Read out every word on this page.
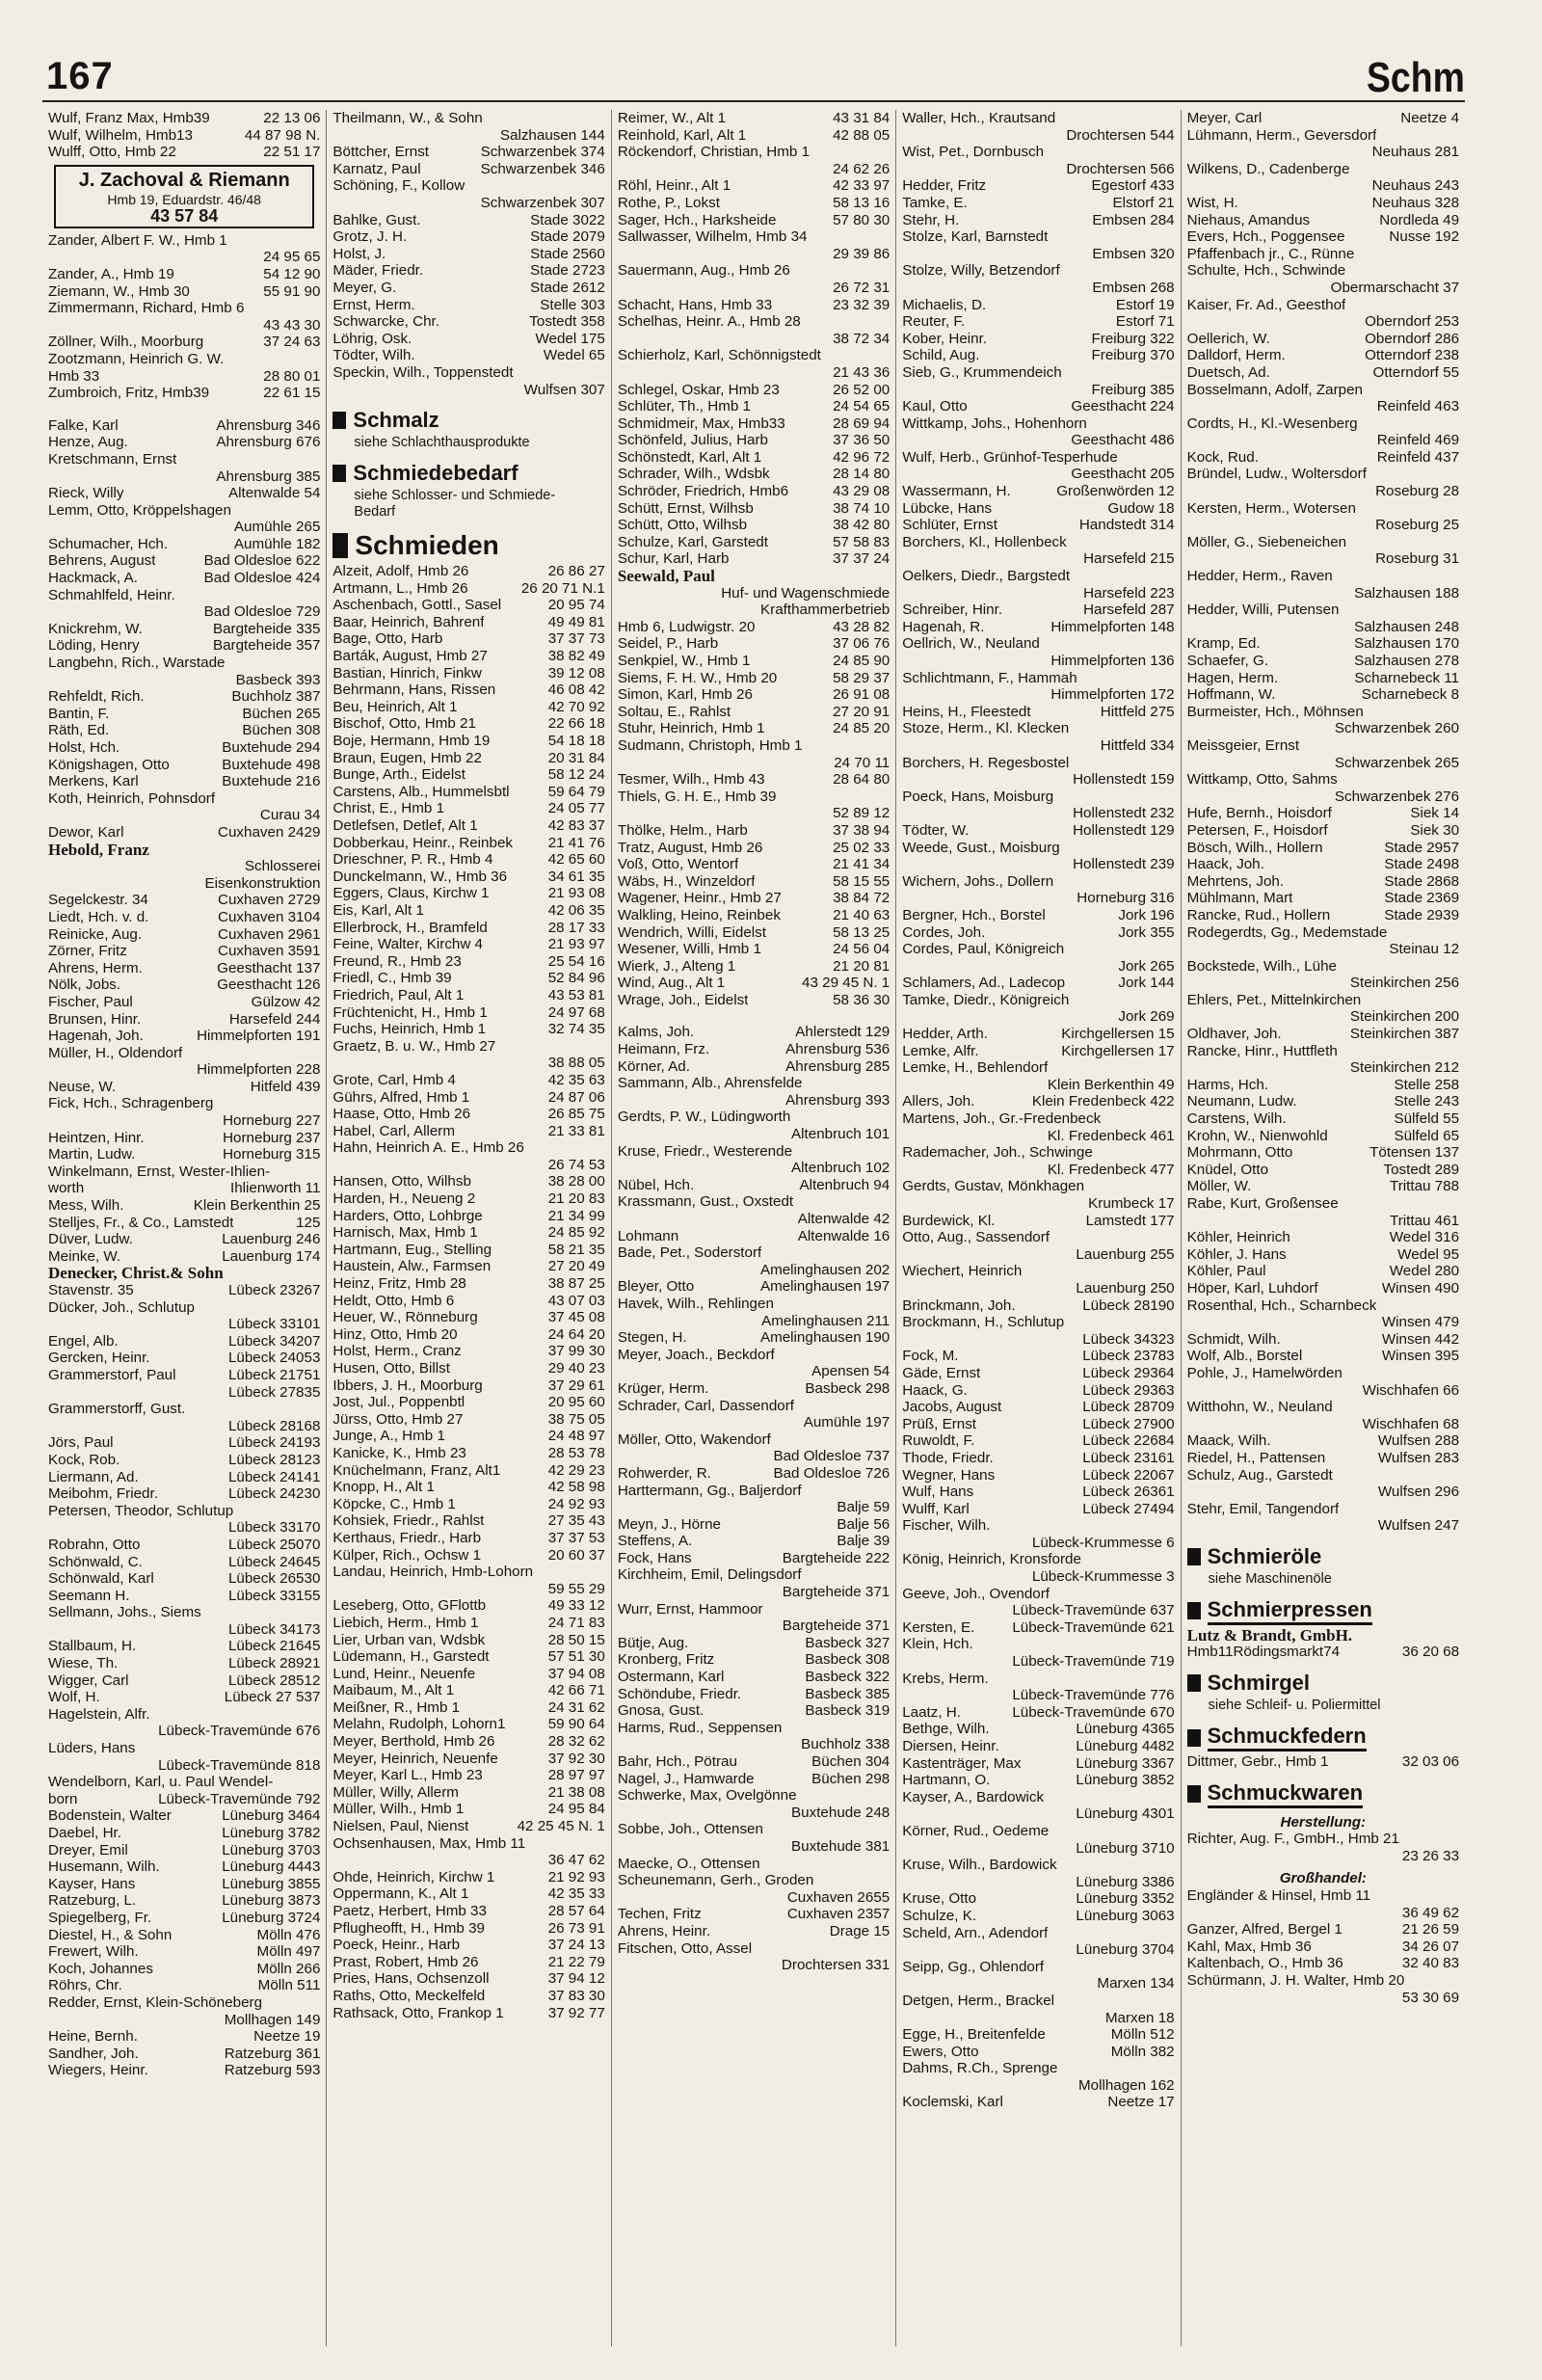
167	Schm
Wulf, Franz Max, Hmb39	22 13 06
Wulf, Wilhelm, Hmb13	44 87 98 N.
Wulff, Otto, Hmb 22	22 51 17
J. Zachoval & Riemann
Hmb 19, Eduardstr. 46/48
43 57 84
Zander, Albert F. W., Hmb 1
24 95 65
Zander, A., Hmb 19	54 12 90
Ziemann, W., Hmb 30	55 91 90
Zimmermann, Richard, Hmb 6
43 43 30
Zöllner, Wilh., Moorburg	37 24 63
Zootzmann, Heinrich G. W.
Hmb 33	28 80 01
Zumbroich, Fritz, Hmb39	22 61 15
Falke, Karl	Ahrensburg 346
Henze, Aug.	Ahrensburg 676
Kretschmann, Ernst
Ahrensburg 385
Rieck, Willy	Altenwalde 54
Lemm, Otto, Kröppelshagen
Aumühle 265
Schumacher, Hch.	Aumühle 182
Behrens, August	Bad Oldesloe 622
Hackmack, A.	Bad Oldesloe 424
Schmahlfeld, Heinr.
Bad Oldesloe 729
Knickrehm, W.	Bargteheide 335
Löding, Henry	Bargteheide 357
Langbehn, Rich., Warstade
Basbeck 393
Rehfeldt, Rich.	Buchholz 387
Bantin, F.	Büchen 265
Räth, Ed.	Büchen 308
Holst, Hch.	Buxtehude 294
Königshagen, Otto	Buxtehude 498
Merkens, Karl	Buxtehude 216
Koth, Heinrich, Pohnsdorf
Curau 34
Dewor, Karl	Cuxhaven 2429
Hebold, Franz
Schlosserei
Eisenkonstruktion
Segelckestr. 34	Cuxhaven 2729
Liedt, Hch. v. d.	Cuxhaven 3104
Reinicke, Aug.	Cuxhaven 2961
Zörner, Fritz	Cuxhaven 3591
Ahrens, Herm.	Geesthacht 137
Nölk, Jobs.	Geesthacht 126
Fischer, Paul	Gülzow 42
Brunsen, Hinr.	Harsefeld 244
Hagenah, Joh.	Himmelpforten 191
Müller, H., Oldendorf
Himmelpforten 228
Neuse, W.	Hitfeld 439
Fick, Hch., Schragenberg
Horneburg 227
Heintzen, Hinr.	Horneburg 237
Martin, Ludw.	Horneburg 315
Winkelmann, Ernst, Wester-Ihlien-
worth	Ihlienworth 11
Mess, Wilh.	Klein Berkenthin 25
Stelljes, Fr., & Co., Lamstedt	125
Düver, Ludw.	Lauenburg 246
Meinke, W.	Lauenburg 174
Denecker, Christ.& Sohn
Stavenstr. 35	Lübeck 23267
Dücker, Joh., Schlutup
Lübeck 33101
Engel, Alb.	Lübeck 34207
Gercken, Heinr.	Lübeck 24053
Grammerstorf, Paul	Lübeck 21751
Lübeck 27835
Grammerstorff, Gust.
Lübeck 28168
Jörs, Paul	Lübeck 24193
Kock, Rob.	Lübeck 28123
Liermann, Ad.	Lübeck 24141
Meibohm, Friedr.	Lübeck 24230
Petersen, Theodor, Schlutup
Lübeck 33170
Robrahn, Otto	Lübeck 25070
Schönwald, C.	Lübeck 24645
Schönwald, Karl	Lübeck 26530
Seemann H.	Lübeck 33155
Sellmann, Johs., Siems
Lübeck 34173
Stallbaum, H.	Lübeck 21645
Wiese, Th.	Lübeck 28921
Wigger, Carl	Lübeck 28512
Wolf, H.	Lübeck 27 537
Hagelstein, Alfr.
Lübeck-Travemünde 676
Lüders, Hans
Lübeck-Travemünde 818
Wendelborn, Karl, u. Paul Wendel-
born	Lübeck-Travemünde 792
Bodenstein, Walter	Lüneburg 3464
Daebel, Hr.	Lüneburg 3782
Dreyer, Emil	Lüneburg 3703
Husemann, Wilh.	Lüneburg 4443
Kayser, Hans	Lüneburg 3855
Ratzeburg, L.	Lüneburg 3873
Spiegelberg, Fr.	Lüneburg 3724
Diestel, H., & Sohn	Mölln 476
Frewert, Wilh.	Mölln 497
Koch, Johannes	Mölln 266
Röhrs, Chr.	Mölln 511
Redder, Ernst, Klein-Schöneberg
Mollhagen 149
Heine, Bernh.	Neetze 19
Sandher, Joh.	Ratzeburg 361
Wiegers, Heinr.	Ratzeburg 593
Theilmann, W., & Sohn
Salzhausen 144
Böttcher, Ernst	Schwarzenbek 374
Karnatz, Paul	Schwarzenbek 346
Schöning, F., Kollow
Schwarzenbek 307
Bahlke, Gust.	Stade 3022
Grotz, J. H.	Stade 2079
Holst, J.	Stade 2560
Mäder, Friedr.	Stade 2723
Meyer, G.	Stade 2612
Ernst, Herm.	Stelle 303
Schwarcke, Chr.	Tostedt 358
Löhrig, Osk.	Wedel 175
Tödter, Wilh.	Wedel 65
Speckin, Wilh., Toppenstedt
Wulfsen 307
Schmalz
siehe Schlachthausprodukte
Schmiedebedarf
siehe Schlosser- und Schmiede-
Bedarf
Schmieden
Alzeit, Adolf, Hmb 26	26 86 27
Artmann, L., Hmb 26	26 20 71 N.1
Aschenbach, Gottl., Sasel	20 95 74
Baar, Heinrich, Bahrenf	49 49 81
Bage, Otto, Harb	37 37 73
Barták, August, Hmb 27	38 82 49
Bastian, Hinrich, Finkw	39 12 08
Behrmann, Hans, Rissen	46 08 42
Beu, Heinrich, Alt 1	42 70 92
Bischof, Otto, Hmb 21	22 66 18
Boje, Hermann, Hmb 19	54 18 18
Braun, Eugen, Hmb 22	20 31 84
Bunge, Arth., Eidelst	58 12 24
Carstens, Alb., Hummelsbtl	59 64 79
Christ, E., Hmb 1	24 05 77
Detlefsen, Detlef, Alt 1	42 83 37
Dobberkau, Heinr., Reinbek 21 41 76
Drieschner, P. R., Hmb 4	42 65 60
Dunckelmann, W., Hmb 36	34 61 35
Eggers, Claus, Kirchw 1	21 93 08
Eis, Karl, Alt 1	42 06 35
Ellerbrock, H., Bramfeld	28 17 33
Feine, Walter, Kirchw 4	21 93 97
Freund, R., Hmb 23	25 54 16
Friedl, C., Hmb 39	52 84 96
Friedrich, Paul, Alt 1	43 53 81
Früchtenicht, H., Hmb 1	24 97 68
Fuchs, Heinrich, Hmb 1	32 74 35
Graetz, B. u. W., Hmb 27
38 88 05
Grote, Carl, Hmb 4	42 35 63
Gührs, Alfred, Hmb 1	24 87 06
Haase, Otto, Hmb 26	26 85 75
Habel, Carl, Allerm	21 33 81
Hahn, Heinrich A. E., Hmb 26
26 74 53
Hansen, Otto, Wilhsb	38 28 00
Harden, H., Neueng 2	21 20 83
Harders, Otto, Lohbrge	21 34 99
Harnisch, Max, Hmb 1	24 85 92
Hartmann, Eug., Stelling	58 21 35
Haustein, Alw., Farmsen	27 20 49
Heinz, Fritz, Hmb 28	38 87 25
Heldt, Otto, Hmb 6	43 07 03
Heuer, W., Rönneburg	37 45 08
Hinz, Otto, Hmb 20	24 64 20
Holst, Herm., Cranz	37 99 30
Husen, Otto, Billst	29 40 23
Ibbers, J. H., Moorburg	37 29 61
Jost, Jul., Poppenbtl	20 95 60
Jürss, Otto, Hmb 27	38 75 05
Junge, A., Hmb 1	24 48 97
Kanicke, K., Hmb 23	28 53 78
Knüchelmann, Franz, Alt1	42 29 23
Knopp, H., Alt 1	42 58 98
Köpcke, C., Hmb 1	24 92 93
Kohsiek, Friedr., Rahlst	27 35 43
Kerthaus, Friedr., Harb	37 37 53
Külper, Rich., Ochsw 1	20 60 37
Landau, Heinrich, Hmb-Lohorn
59 55 29
Leseberg, Otto, GFlottb	49 33 12
Liebich, Herm., Hmb 1	24 71 83
Lier, Urban van, Wdsbk	28 50 15
Lüdemann, H., Garstedt	57 51 30
Lund, Heinr., Neuenfe	37 94 08
Maibaum, M., Alt 1	42 66 71
Meißner, R., Hmb 1	24 31 62
Melahn, Rudolph, Lohorn1	59 90 64
Meyer, Berthold, Hmb 26	28 32 62
Meyer, Heinrich, Neuenfe	37 92 30
Meyer, Karl L., Hmb 23	28 97 97
Müller, Willy, Allerm	21 38 08
Müller, Wilh., Hmb 1	24 95 84
Nielsen, Paul, Nienst	42 25 45 N. 1
Ochsenhausen, Max, Hmb 11
36 47 62
Ohde, Heinrich, Kirchw 1	21 92 93
Oppermann, K., Alt 1	42 35 33
Paetz, Herbert, Hmb 33	28 57 64
Pflugheofft, H., Hmb 39	26 73 91
Poeck, Heinr., Harb	37 24 13
Prast, Robert, Hmb 26	21 22 79
Pries, Hans, Ochsenzoll	37 94 12
Raths, Otto, Meckelfeld	37 83 30
Rathsack, Otto, Frankop 1	37 92 77
Reimer, W., Alt 1	43 31 84
Reinhold, Karl, Alt 1	42 88 05
Röckendorf, Christian, Hmb 1
24 62 26
Röhl, Heinr., Alt 1	42 33 97
Rothe, P., Lokst	58 13 16
Sager, Hch., Harksheide	57 80 30
Sallwasser, Wilhelm, Hmb 34
29 39 86
Sauermann, Aug., Hmb 26
26 72 31
Schacht, Hans, Hmb 33	23 32 39
Schelhas, Heinr. A., Hmb 28
38 72 34
Schierholz, Karl, Schönnigstedt
21 43 36
Schlegel, Oskar, Hmb 23	26 52 00
Schlüter, Th., Hmb 1	24 54 65
Schmidmeir, Max, Hmb33	28 69 94
Schönfeld, Julius, Harb	37 36 50
Schönstedt, Karl, Alt 1	42 96 72
Schrader, Wilh., Wdsbk	28 14 80
Schröder, Friedrich, Hmb6	43 29 08
Schütt, Ernst, Wilhsb	38 74 10
Schütt, Otto, Wilhsb	38 42 80
Schulze, Karl, Garstedt	57 58 83
Schur, Karl, Harb	37 37 24
Seewald, Paul
Huf- und Wagenschmiede
Krafthammerbetrieb
Hmb 6, Ludwigstr. 20	43 28 82
Seidel, P., Harb	37 06 76
Senkpiel, W., Hmb 1	24 85 90
Siems, F. H. W., Hmb 20	58 29 37
Simon, Karl, Hmb 26	26 91 08
Soltau, E., Rahlst	27 20 91
Stuhr, Heinrich, Hmb 1	24 85 20
Sudmann, Christoph, Hmb 1
24 70 11
Tesmer, Wilh., Hmb 43	28 64 80
Thiels, G. H. E., Hmb 39
52 89 12
Thölke, Helm., Harb	37 38 94
Tratz, August, Hmb 26	25 02 33
Voß, Otto, Wentorf	21 41 34
Wäbs, H., Winzeldorf	58 15 55
Wagener, Heinr., Hmb 27	38 84 72
Walkling, Heino, Reinbek	21 40 63
Wendrich, Willi, Eidelst	58 13 25
Wesener, Willi, Hmb 1	24 56 04
Wierk, J., Alteng 1	21 20 81
Wind, Aug., Alt 1	43 29 45 N. 1
Wrage, Joh., Eidelst	58 36 30
Kalms, Joh.	Ahlerstedt 129
Heimann, Frz.	Ahrensburg 536
Körner, Ad.	Ahrensburg 285
Sammann, Alb., Ahrensfelde
Ahrensburg 393
Gerdts, P. W., Lüdingworth
Altenbruch 101
Kruse, Friedr., Westerende
Altenbruch 102
Nübel, Hch.	Altenbruch 94
Krassmann, Gust., Oxstedt
Altenwalde 42
Lohmann	Altenwalde 16
Bade, Pet., Soderstorf
Amelinghausen 202
Bleyer, Otto	Amelinghausen 197
Havek, Wilh., Rehlingen
Amelinghausen 211
Stegen, H.	Amelinghausen 190
Meyer, Joach., Beckdorf
Apensen 54
Krüger, Herm.	Basbeck 298
Schrader, Carl, Dassendorf
Aumühle 197
Möller, Otto, Wakendorf
Bad Oldesloe 737
Rohwerder, R.	Bad Oldesloe 726
Harttermann, Gg., Baljerdorf
Balje 59
Meyn, J., Hörne	Balje 56
Steffens, A.	Balje 39
Fock, Hans	Bargteheide 222
Kirchheim, Emil, Delingsdorf
Bargteheide 371
Wurr, Ernst, Hammoor
Bargteheide 371
Bütje, Aug.	Basbeck 327
Kronberg, Fritz	Basbeck 308
Ostermann, Karl	Basbeck 322
Schöndube, Friedr.	Basbeck 385
Gnosa, Gust.	Basbeck 319
Harms, Rud., Seppensen
Buchholz 338
Bahr, Hch., Pötrau	Büchen 304
Nagel, J., Hamwarde	Büchen 298
Schwerke, Max, Ovelgönne
Buxtehude 248
Sobbe, Joh., Ottensen
Buxtehude 381
Maecke, O., Ottensen
Scheunemann, Gerh., Groden
Cuxhaven 2655
Techen, Fritz	Cuxhaven 2357
Ahrens, Heinr.	Drage 15
Fitschen, Otto, Assel
Drochtersen 331
Waller, Hch., Krautsand
Drochtersen 544
Wist, Pet., Dornbusch
Drochtersen 566
Hedder, Fritz	Egestorf 433
Tamke, E.	Elstorf 21
Stehr, H.	Embsen 284
Stolze, Karl, Barnstedt
Embsen 320
Stolze, Willy, Betzendorf
Embsen 268
Michaelis, D.	Estorf 19
Reuter, F.	Estorf 71
Kober, Heinr.	Freiburg 322
Schild, Aug.	Freiburg 370
Sieb, G., Krummendeich
Freiburg 385
Kaul, Otto	Geesthacht 224
Wittkamp, Johs., Hohenhorn
Geesthacht 486
Wulf, Herb., Grünhof-Tesperhude
Geesthacht 205
Wassermann, H.	Großenwörden 12
Lübcke, Hans	Gudow 18
Schlüter, Ernst	Handstedt 314
Borchers, Kl., Hollenbeck
Harsefeld 215
Oelkers, Diedr., Bargstedt
Harsefeld 223
Schreiber, Hinr.	Harsefeld 287
Hagenah, R.	Himmelpforten 148
Oellrich, W., Neuland
Himmelpforten 136
Schlichtmann, F., Hammah
Himmelpforten 172
Heins, H., Fleestedt	Hittfeld 275
Stoze, Herm., Kl. Klecken
Hittfeld 334
Borchers, H. Regesbostel
Hollenstedt 159
Poeck, Hans, Moisburg
Hollenstedt 232
Tödter, W.	Hollenstedt 129
Weede, Gust., Moisburg
Hollenstedt 239
Wichern, Johs., Dollern
Horneburg 316
Bergner, Hch., Borstel	Jork 196
Cordes, Joh.	Jork 355
Cordes, Paul, Königreich
Jork 265
Schlamers, Ad., Ladecop	Jork 144
Tamke, Diedr., Königreich
Jork 269
Hedder, Arth.	Kirchgellersen 15
Lemke, Alfr.	Kirchgellersen 17
Lemke, H., Behlendorf
Klein Berkenthin 49
Allers, Joh.	Klein Fredenbeck 422
Martens, Joh., Gr.-Fredenbeck
Kl. Fredenbeck 461
Rademacher, Joh., Schwinge
Kl. Fredenbeck 477
Gerdts, Gustav, Mönkhagen
Krumbeck 17
Burdewick, Kl.	Lamstedt 177
Otto, Aug., Sassendorf
Lauenburg 255
Wiechert, Heinrich
Lauenburg 250
Brinckmann, Joh.	Lübeck 28190
Brockmann, H., Schlutup
Lübeck 34323
Fock, M.	Lübeck 23783
Gäde, Ernst	Lübeck 29364
Haack, G.	Lübeck 29363
Jacobs, August	Lübeck 28709
Prüß, Ernst	Lübeck 27900
Ruwoldt, F.	Lübeck 22684
Thode, Friedr.	Lübeck 23161
Wegner, Hans	Lübeck 22067
Wulf, Hans	Lübeck 26361
Wulff, Karl	Lübeck 27494
Fischer, Wilh.
Lübeck-Krummesse 6
König, Heinrich, Kronsforde
Lübeck-Krummesse 3
Geeve, Joh., Ovendorf
Lübeck-Travemünde 637
Kersten, E.	Lübeck-Travemünde 621
Klein, Hch.
Lübeck-Travemünde 719
Krebs, Herm.
Lübeck-Travemünde 776
Laatz, H.	Lübeck-Travemünde 670
Bethge, Wilh.	Lüneburg 4365
Diersen, Heinr.	Lüneburg 4482
Kastenträger, Max	Lüneburg 3367
Hartmann, O.	Lüneburg 3852
Kayser, A., Bardowick
Lüneburg 4301
Körner, Rud., Oedeme
Lüneburg 3710
Kruse, Wilh., Bardowick
Lüneburg 3386
Kruse, Otto	Lüneburg 3352
Schulze, K.	Lüneburg 3063
Scheld, Arn., Adendorf
Lüneburg 3704
Seipp, Gg., Ohlendorf
Marxen 134
Detgen, Herm., Brackel
Marxen 18
Egge, H., Breitenfelde	Mölln 512
Ewers, Otto	Mölln 382
Dahms, R.Ch., Sprenge
Mollhagen 162
Koclemski, Karl	Neetze 17
Meyer, Carl	Neetze 4
Lühmann, Herm., Geversdorf
Neuhaus 281
Wilkens, D., Cadenberge
Neuhaus 243
Wist, H.	Neuhaus 328
Niehaus, Amandus	Nordleda 49
Evers, Hch., Poggensee	Nusse 192
Pfaffenbach jr., C., Rünne
Schulte, Hch., Schwinde
Obermarschacht 37
Kaiser, Fr. Ad., Geesthof
Oberndorf 253
Oellerich, W.	Oberndorf 286
Dalldorf, Herm.	Otterndorf 238
Duetsch, Ad.	Otterndorf 55
Bosselmann, Adolf, Zarpen
Reinfeld 463
Cordts, H., Kl.-Wesenberg
Reinfeld 469
Kock, Rud.	Reinfeld 437
Bründel, Ludw., Woltersdorf
Roseburg 28
Kersten, Herm., Wotersen
Roseburg 25
Möller, G., Siebeneichen
Roseburg 31
Hedder, Herm., Raven
Salzhausen 188
Hedder, Willi, Putensen
Salzhausen 248
Kramp, Ed.	Salzhausen 170
Schaefer, G.	Salzhausen 278
Hagen, Herm.	Scharnebeck 11
Hoffmann, W.	Scharnebeck 8
Burmeister, Hch., Möhnsen
Schwarzenbek 260
Meissgeier, Ernst
Schwarzenbek 265
Wittkamp, Otto, Sahms
Schwarzenbek 276
Hufe, Bernh., Hoisdorf	Siek 14
Petersen, F., Hoisdorf	Siek 30
Bösch, Wilh., Hollern	Stade 2957
Haack, Joh.	Stade 2498
Mehrtens, Joh.	Stade 2868
Mühlmann, Mart	Stade 2369
Rancke, Rud., Hollern	Stade 2939
Rodegerdts, Gg., Medemstade
Steinau 12
Bockstede, Wilh., Lühe
Steinkirchen 256
Ehlers, Pet., Mittelnkirchen
Steinkirchen 200
Oldhaver, Joh.	Steinkirchen 387
Rancke, Hinr., Huttfleth
Steinkirchen 212
Harms, Hch.	Stelle 258
Neumann, Ludw.	Stelle 243
Carstens, Wilh.	Sülfeld 55
Krohn, W., Nienwohld	Sülfeld 65
Mohrmann, Otto	Tötensen 137
Knüdel, Otto	Tostedt 289
Möller, W.	Trittau 788
Rabe, Kurt, Großensee
Trittau 461
Köhler, Heinrich	Wedel 316
Köhler, J. Hans	Wedel 95
Köhler, Paul	Wedel 280
Höper, Karl, Luhdorf	Winsen 490
Rosenthal, Hch., Scharnbeck
Winsen 479
Schmidt, Wilh.	Winsen 442
Wolf, Alb., Borstel	Winsen 395
Pohle, J., Hamelwörden
Wischhafen 66
Witthohn, W., Neuland
Wischhafen 68
Maack, Wilh.	Wulfsen 288
Riedel, H., Pattensen	Wulfsen 283
Schulz, Aug., Garstedt
Wulfsen 296
Stehr, Emil, Tangendorf
Wulfsen 247
Schmieröle
siehe Maschinenöle
Schmierpressen
Lutz & Brandt, GmbH.
Hmb11Rödingsmarkt74	36 20 68
Schmirgel
siehe Schleif- u. Poliermittel
Schmuckfedern
Dittmer, Gebr., Hmb 1	32 03 06
Schmuckwaren
Herstellung:
Richter, Aug. F., GmbH., Hmb 21
23 26 33
Großhandel:
Engländer & Hinsel, Hmb 11
36 49 62
Ganzer, Alfred, Bergel 1	21 26 59
Kahl, Max, Hmb 36	34 26 07
Kaltenbach, O., Hmb 36	32 40 83
Schürmann, J. H. Walter, Hmb 20
53 30 69
